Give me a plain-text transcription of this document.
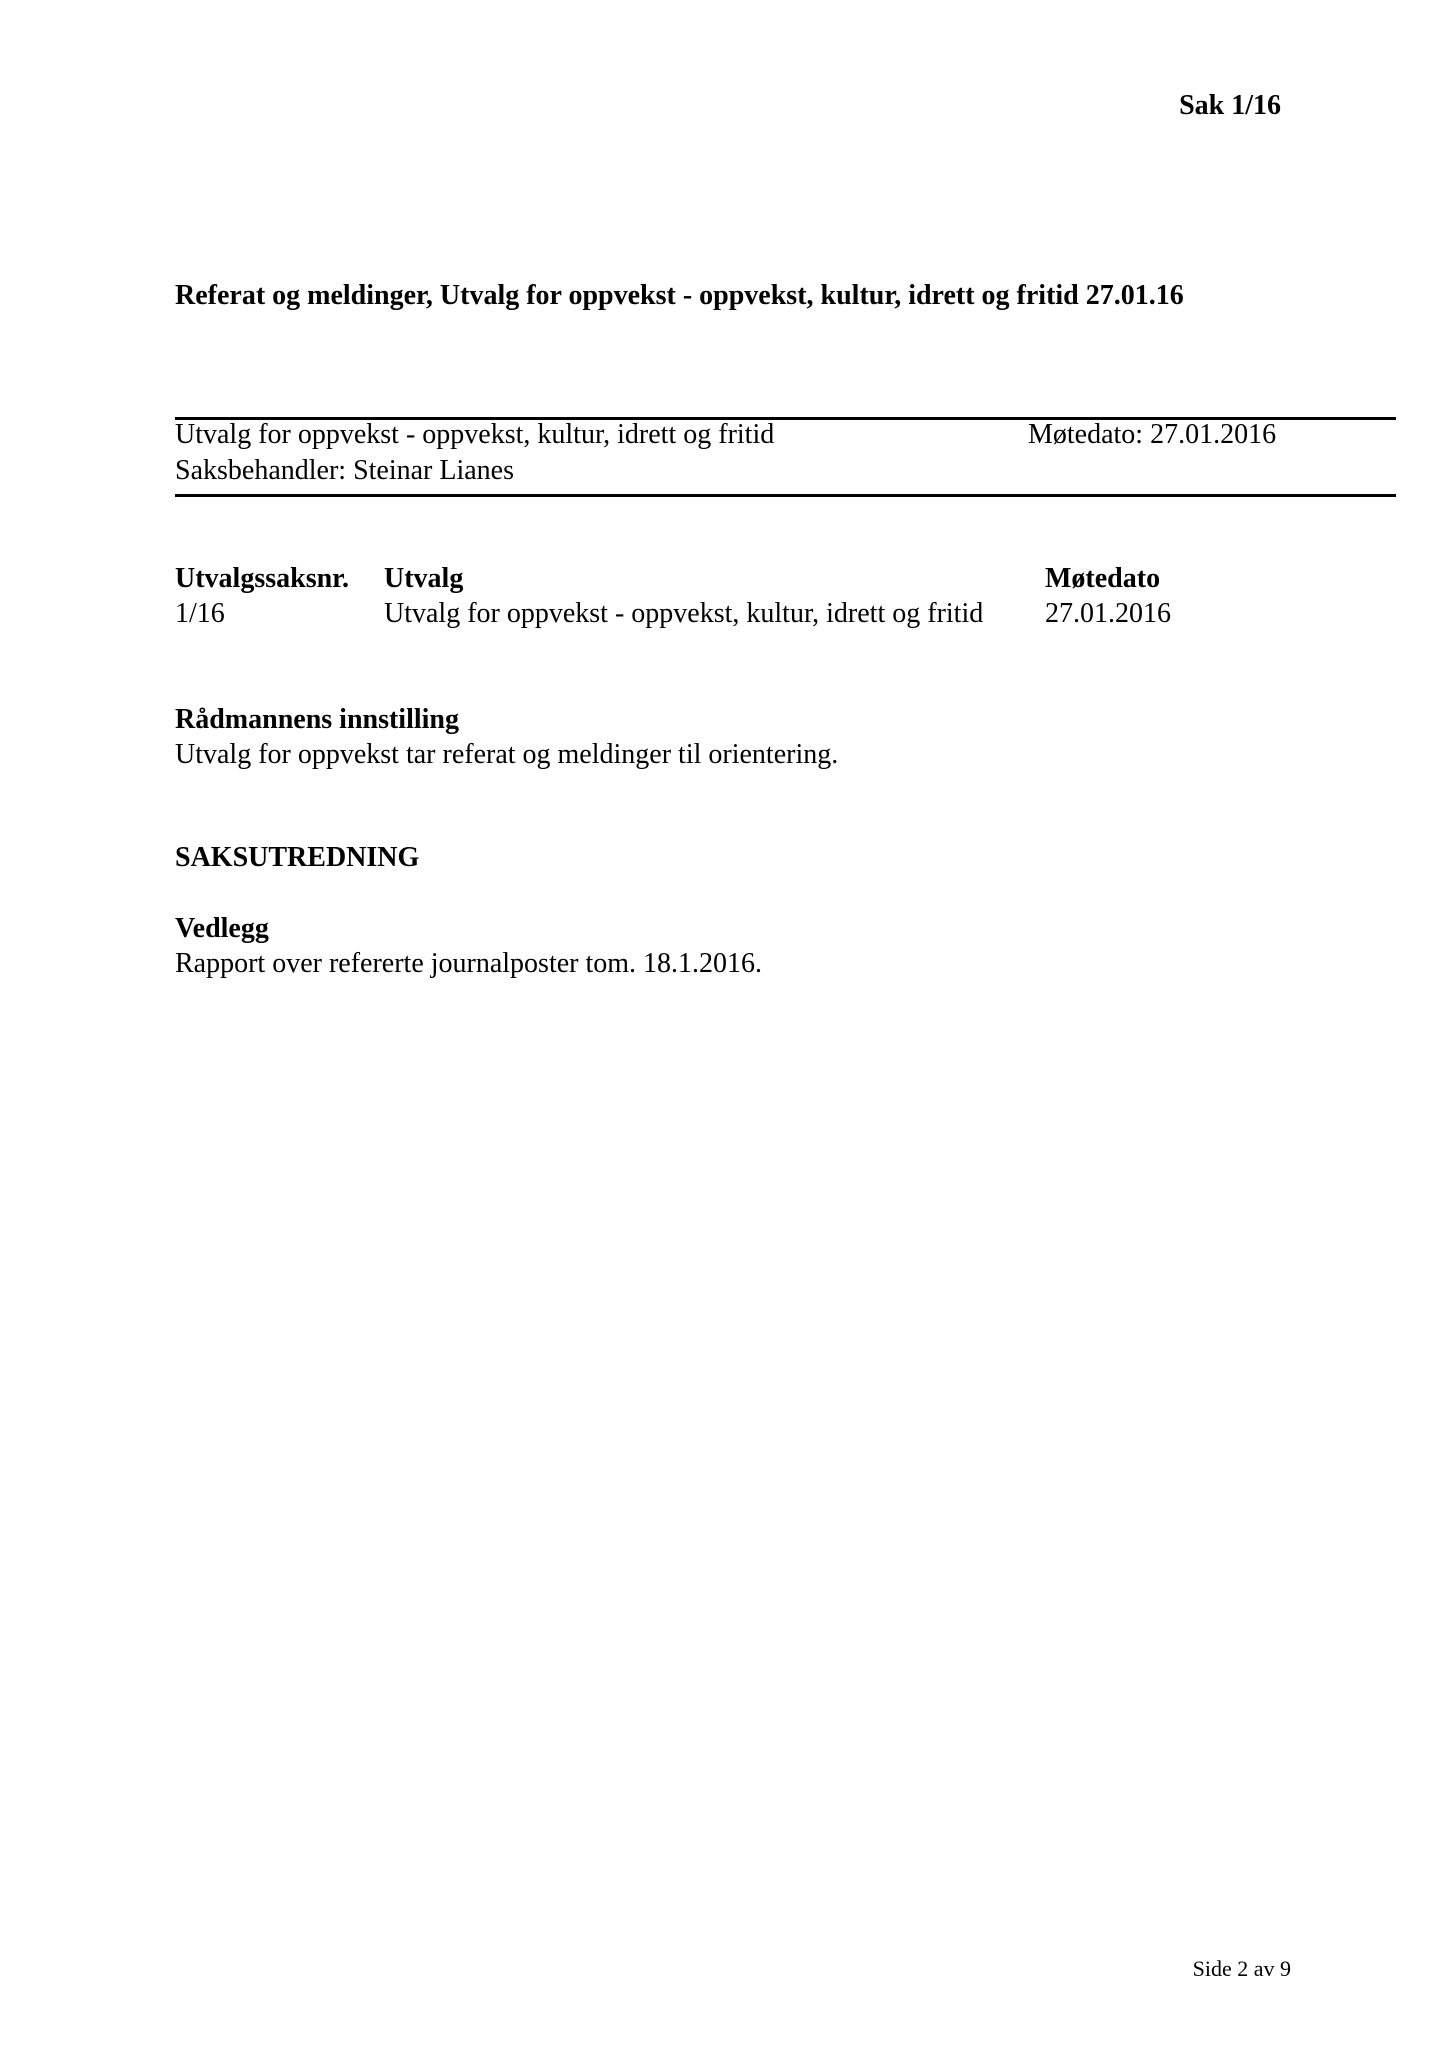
Sak 1/16
Referat og meldinger, Utvalg for oppvekst - oppvekst, kultur, idrett og fritid 27.01.16
Utvalg for oppvekst - oppvekst, kultur, idrett og fritid
Saksbehandler: Steinar Lianes
Møtedato: 27.01.2016
Utvalgssaksnr. Utvalg	Møtedato
1/16	Utvalg for oppvekst - oppvekst, kultur, idrett og fritid 27.01.2016
Rådmannens innstilling
Utvalg for oppvekst tar referat og meldinger til orientering.
SAKSUTREDNING
Vedlegg
Rapport over refererte journalposter tom. 18.1.2016.
Side 2 av 9
